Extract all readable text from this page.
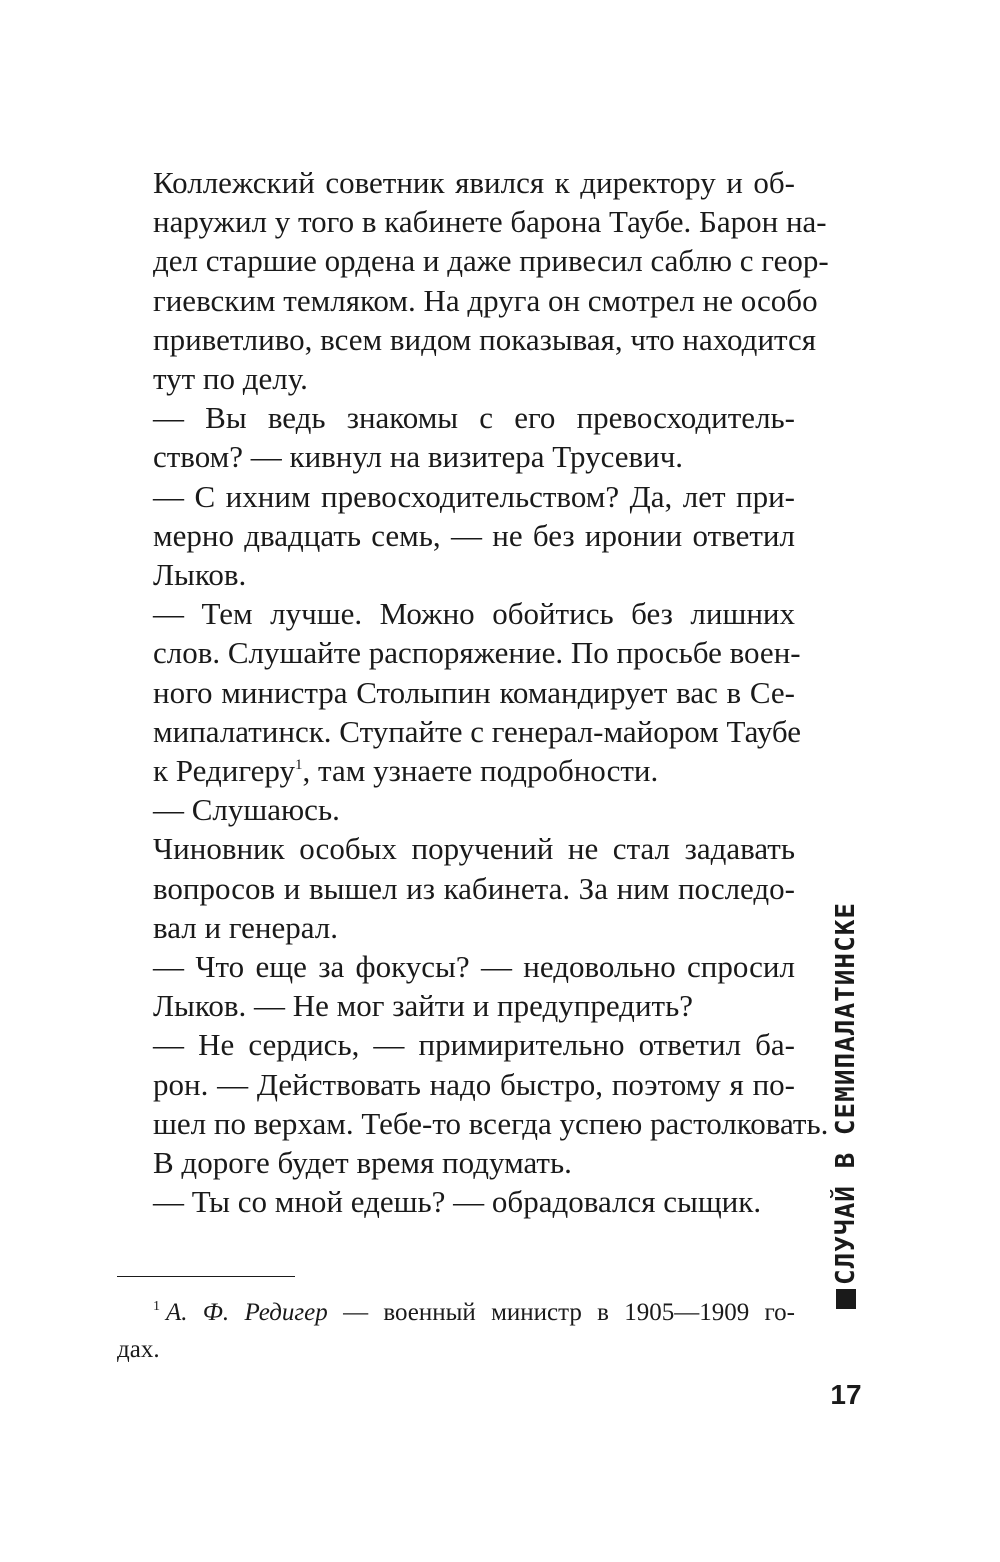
Коллежский советник явился к директору и об-
наружил у того в кабинете барона Таубе. Барон на-
дел старшие ордена и даже привесил саблю с геор-
гиевским темляком. На друга он смотрел не особо
приветливо, всем видом показывая, что находится
тут по делу.

— Вы ведь знакомы с его превосходитель-
ством? — кивнул на визитера Трусевич.

— С ихним превосходительством? Да, лет при-
мерно двадцать семь, — не без иронии ответил
Лыков.

— Тем лучше. Можно обойтись без лишних
слов. Слушайте распоряжение. По просьбе воен-
ного министра Столыпин командирует вас в Се-
мипалатинск. Ступайте с генерал-майором Таубе
к Редигеру$^1$, там узнаете подробности.

— Слушаюсь.

Чиновник особых поручений не стал задавать
вопросов и вышел из кабинета. За ним последо-
вал и генерал.

— Что еще за фокусы? — недовольно спросил
Лыков. — Не мог зайти и предупредить?

— Не сердись, — примирительно ответил ба-
рон. — Действовать надо быстро, поэтому я по-
шел по верхам. Тебе-то всегда успею растолковать.
В дороге будет время подумать.

— Ты со мной едешь? — обрадовался сыщик.

$^1$ А. Ф. Редигер — военный министр в 1905—1909 го-
дах.
СЛУЧАЙ В СЕМИПАЛАТИНСКЕ
17
